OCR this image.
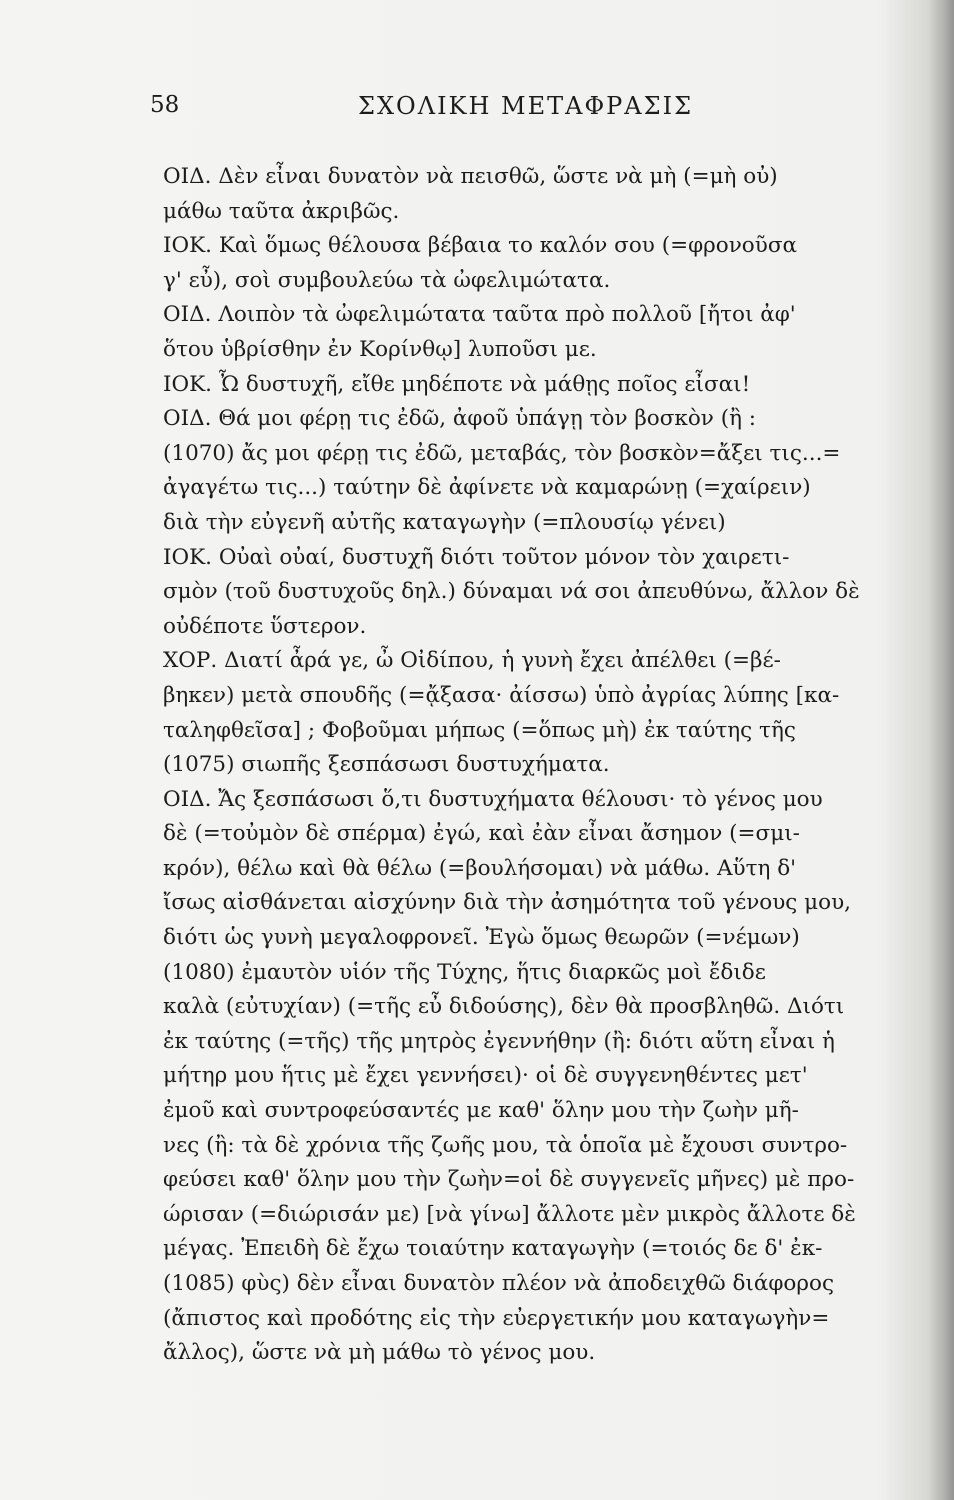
58	ΣΧΟΛΙΚΗ ΜΕΤΑΦΡΑΣΙΣ
ΟΙΔ. Δὲν εἶναι δυνατὸν νὰ πεισθῶ, ὥστε νὰ μὴ (=μὴ οὐ)
μάθω ταῦτα ἀκριβῶς.
ΙΟΚ. Καὶ ὅμως θέλουσα βέβαια το καλόν σου (=φρονοῦσα
γ' εὖ), σοὶ συμβουλεύω τὰ ὠφελιμώτατα.
ΟΙΔ. Λοιπὸν τὰ ὠφελιμώτατα ταῦτα πρὸ πολλοῦ [ἤτοι ἀφ'
ὅτου ὑβρίσθην ἐν Κορίνθῳ] λυποῦσι με.
ΙΟΚ. Ὦ δυστυχῆ, εἴθε μηδέποτε νὰ μάθῃς ποῖος εἶσαι!
ΟΙΔ. Θά μοι φέρῃ τις ἐδῶ, ἀφοῦ ὑπάγῃ τὸν βοσκὸν (ἢ :
(1070) ἄς μοι φέρῃ τις ἐδῶ, μεταβάς, τὸν βοσκὸν=ἄξει τις...=
ἀγαγέτω τις...) ταύτην δὲ ἀφίνετε νὰ καμαρώνῃ (=χαίρειν)
διὰ τὴν εὐγενῆ αὐτῆς καταγωγὴν (=πλουσίῳ γένει)
ΙΟΚ. Οὐαὶ οὐαί, δυστυχῆ διότι τοῦτον μόνον τὸν χαιρετι-
σμὸν (τοῦ δυστυχοῦς δηλ.) δύναμαι νά σοι ἀπευθύνω, ἄλλον δὲ
οὐδέποτε ὕστερον.
ΧΟΡ. Διατί ἆρά γε, ὦ Οἰδίπου, ἡ γυνὴ ἔχει ἀπέλθει (=βέ-
βηκεν) μετὰ σπουδῆς (=ᾄξασα· ἀίσσω) ὑπὸ ἀγρίας λύπης [κα-
ταληφθεῖσα] ; Φοβοῦμαι μήπως (=ὅπως μὴ) ἐκ ταύτης τῆς
(1075) σιωπῆς ξεσπάσωσι δυστυχήματα.
ΟΙΔ. Ἄς ξεσπάσωσι ὅ,τι δυστυχήματα θέλουσι· τὸ γένος μου
δὲ (=τοὐμὸν δὲ σπέρμα) ἐγώ, καὶ ἐὰν εἶναι ἄσημον (=σμι-
κρόν), θέλω καὶ θὰ θέλω (=βουλήσομαι) νὰ μάθω. Αὕτη δ'
ἴσως αἰσθάνεται αἰσχύνην διὰ τὴν ἀσημότητα τοῦ γένους μου,
διότι ὡς γυνὴ μεγαλοφρονεῖ. Ἐγὼ ὅμως θεωρῶν (=νέμων)
(1080) ἐμαυτὸν υἱόν τῆς Τύχης, ἥτις διαρκῶς μοὶ ἔδιδε
καλὰ (εὐτυχίαν) (=τῆς εὖ διδούσης), δὲν θὰ προσβληθῶ. Διότι
ἐκ ταύτης (=τῆς) τῆς μητρὸς ἐγεννήθην (ἢ: διότι αὕτη εἶναι ἡ
μήτηρ μου ἥτις μὲ ἔχει γεννήσει)· οἱ δὲ συγγενηθέντες μετ'
ἐμοῦ καὶ συντροφεύσαντές με καθ' ὅλην μου τὴν ζωὴν μῆ-
νες (ἢ: τὰ δὲ χρόνια τῆς ζωῆς μου, τὰ ὁποῖα μὲ ἔχουσι συντρο-
φεύσει καθ' ὅλην μου τὴν ζωὴν=οἱ δὲ συγγενεῖς μῆνες) μὲ προ-
ώρισαν (=διώρισάν με) [νὰ γίνω] ἄλλοτε μὲν μικρὸς ἄλλοτε δὲ
μέγας. Ἐπειδὴ δὲ ἔχω τοιαύτην καταγωγὴν (=τοιός δε δ' ἐκ-
(1085) φὺς) δὲν εἶναι δυνατὸν πλέον νὰ ἀποδειχθῶ διάφορος
(ἄπιστος καὶ προδότης εἰς τὴν εὐεργετικήν μου καταγωγὴν=
ἄλλος), ὥστε νὰ μὴ μάθω τὸ γένος μου.
